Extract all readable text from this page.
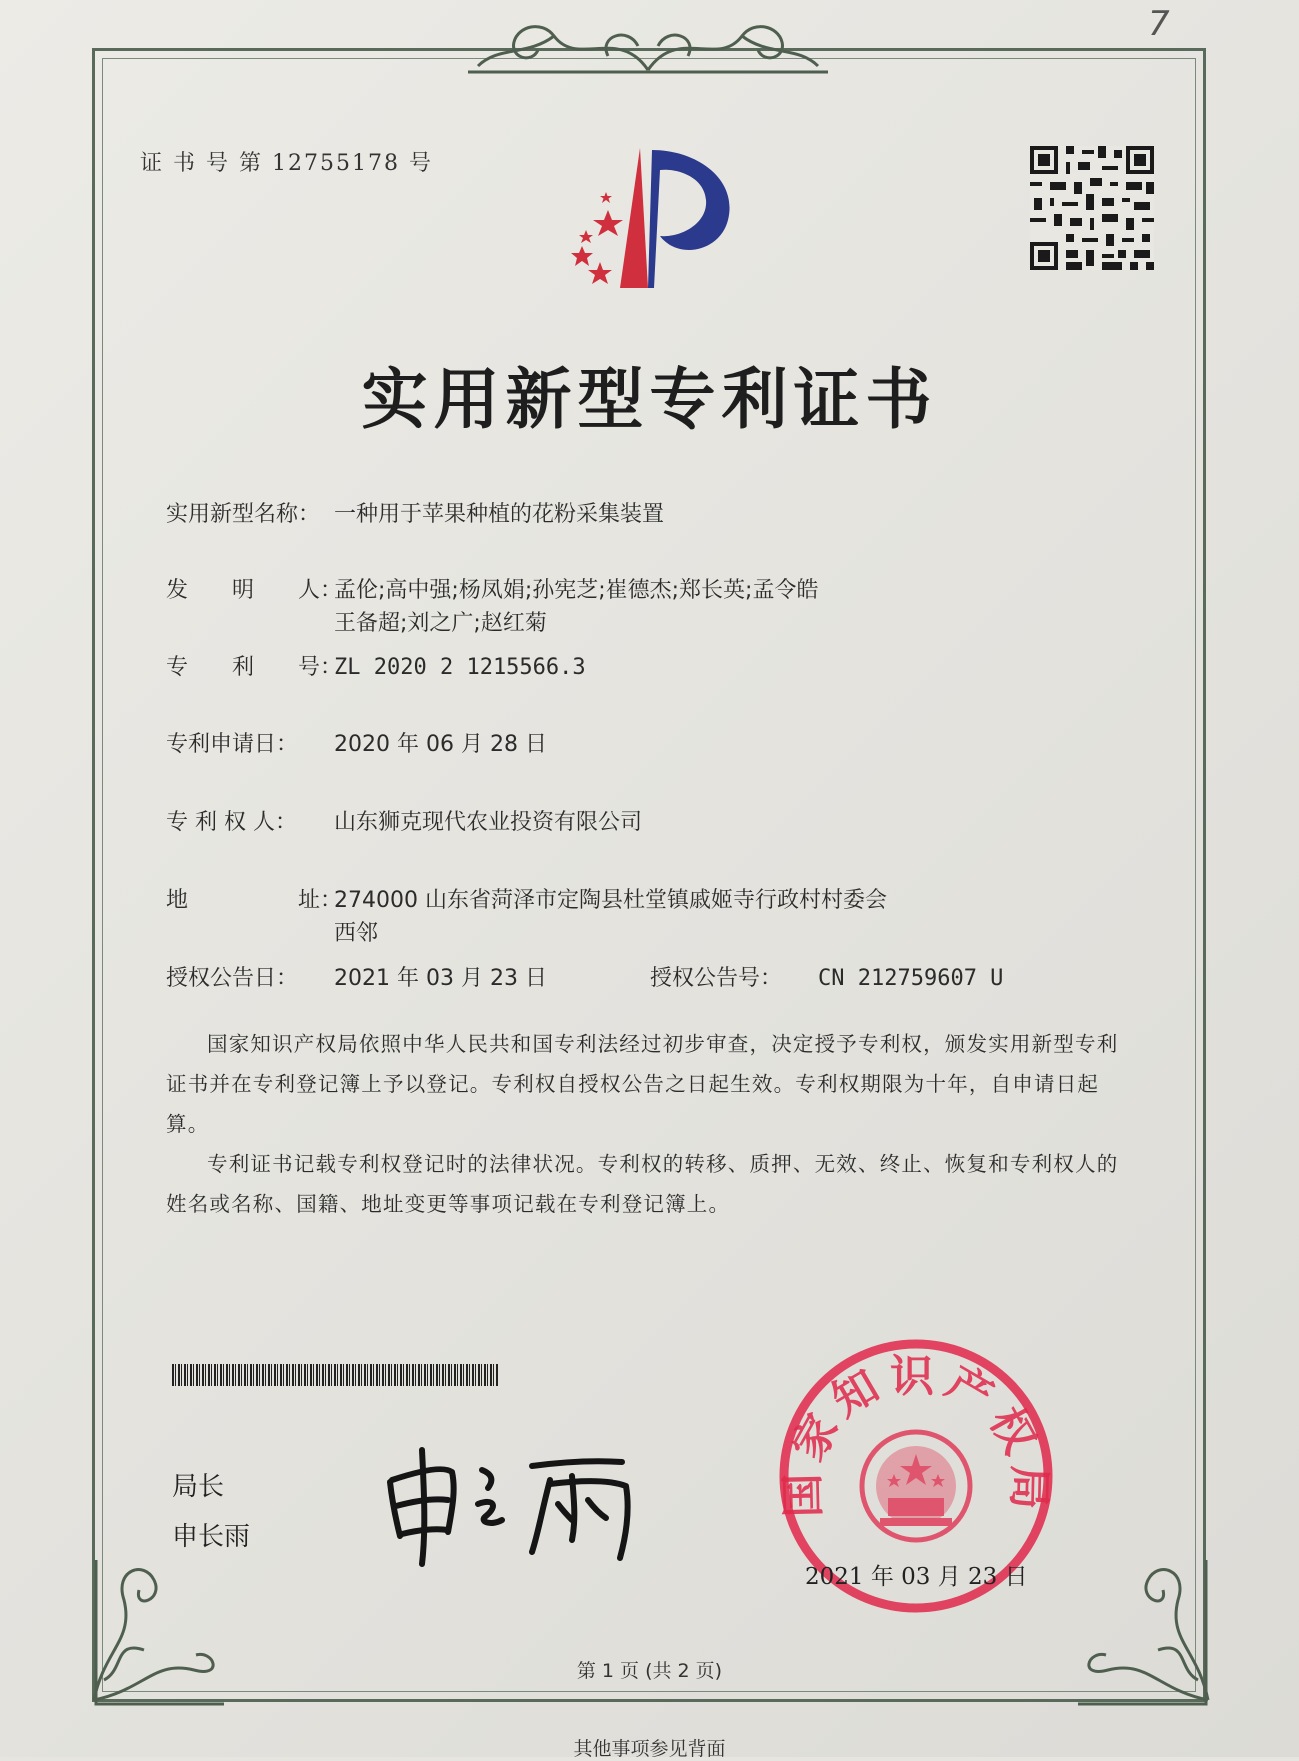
7
证 书 号 第 12755178 号
实用新型专利证书
实用新型名称： 一种用于苹果种植的花粉采集装置
发　　明　　人：
孟伦;高中强;杨凤娟;孙宪芝;崔德杰;郑长英;孟令皓
王备超;刘之广;赵红菊
专　　利　　号：
ZL 2020 2 1215566.3
专利申请日： 2020 年 06 月 28 日
专 利 权 人： 山东狮克现代农业投资有限公司
地　　　　　址：
274000 山东省菏泽市定陶县杜堂镇戚姬寺行政村村委会
西邻
授权公告日： 2021 年 03 月 23 日	授权公告号： CN 212759607 U

国家知识产权局依照中华人民共和国专利法经过初步审查，决定授予专利权，颁发实用新型专利证书并在专利登记簿上予以登记。专利权自授权公告之日起生效。专利权期限为十年，自申请日起算。

专利证书记载专利权登记时的法律状况。专利权的转移、质押、无效、终止、恢复和专利权人的姓名或名称、国籍、地址变更等事项记载在专利登记簿上。

局长
申长雨
国家知识产权局
2021 年 03 月 23 日
第 1 页 (共 2 页)
其他事项参见背面
